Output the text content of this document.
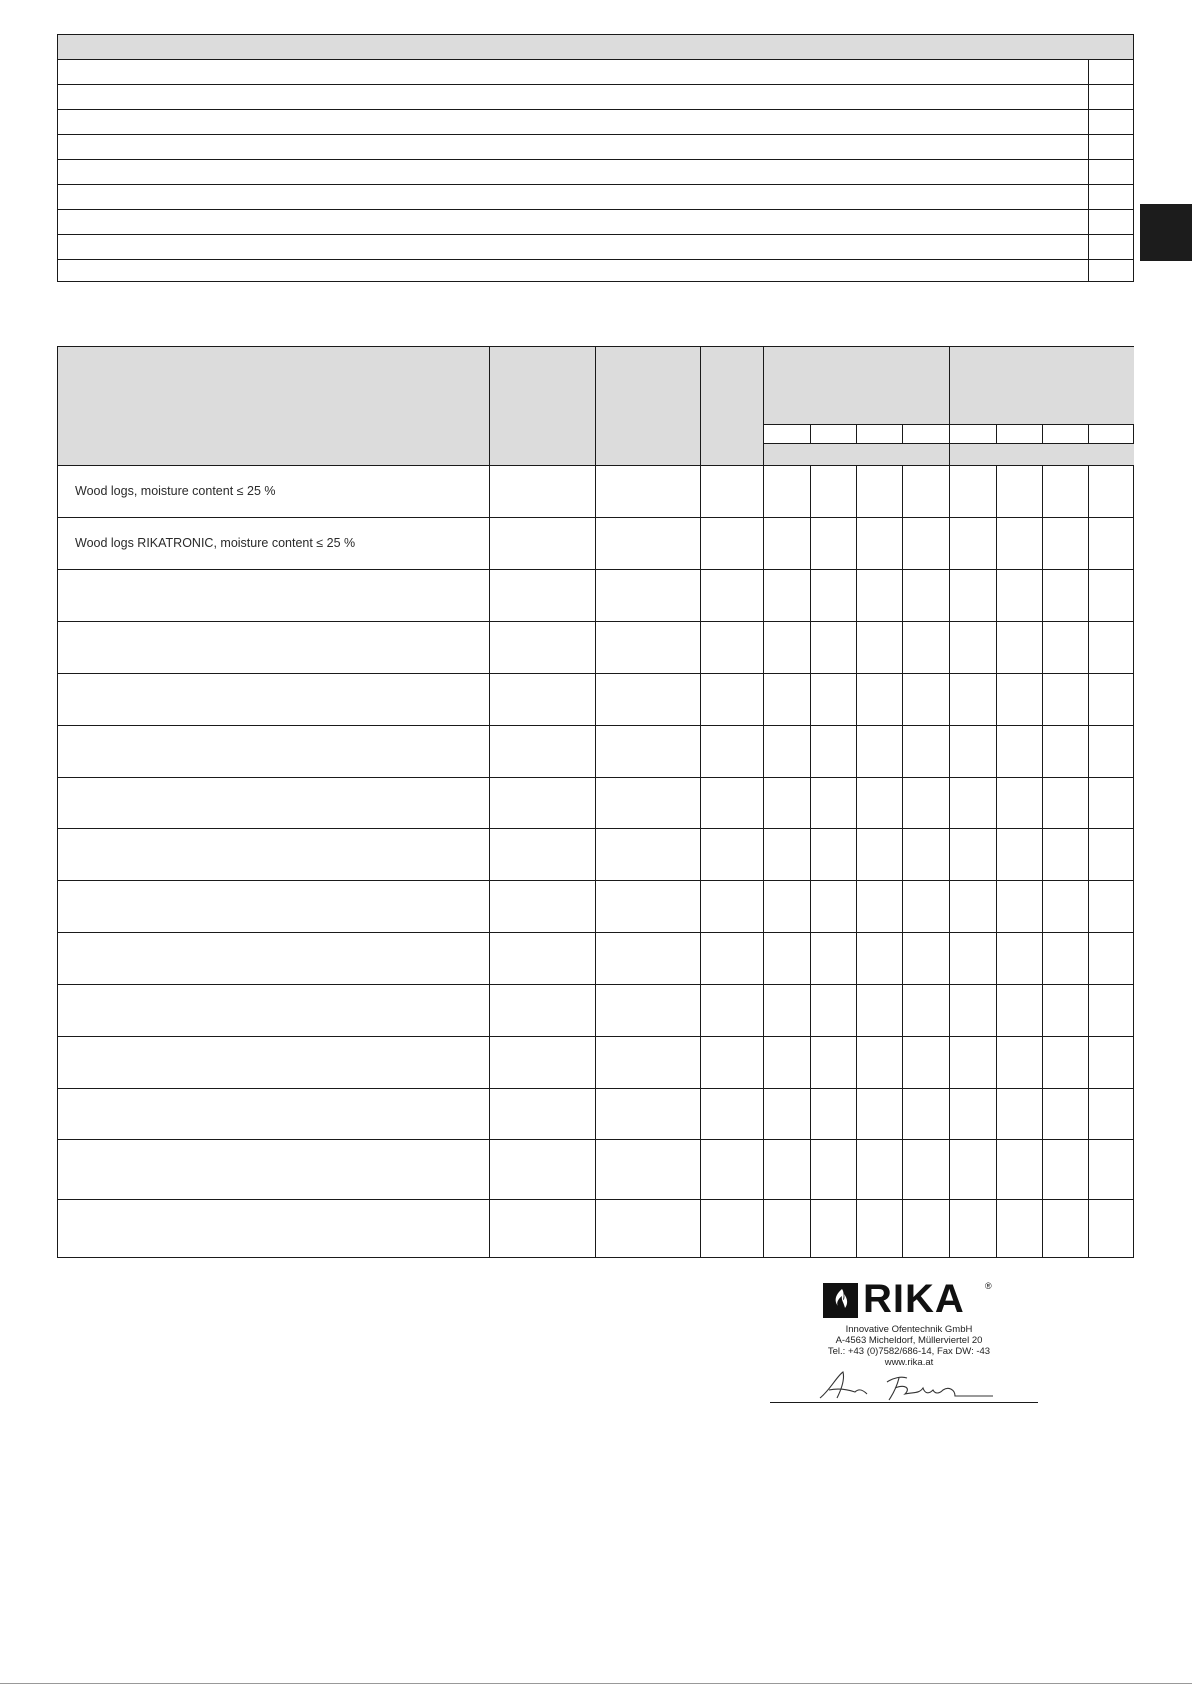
Wood logs, moisture content ≤ 25 %
Wood logs RIKATRONIC, moisture content ≤ 25 %
RIKA ®
Innovative Ofentechnik GmbH
A-4563 Micheldorf, Müllerviertel 20
Tel.: +43 (0)7582/686-14, Fax DW: -43
www.rika.at
